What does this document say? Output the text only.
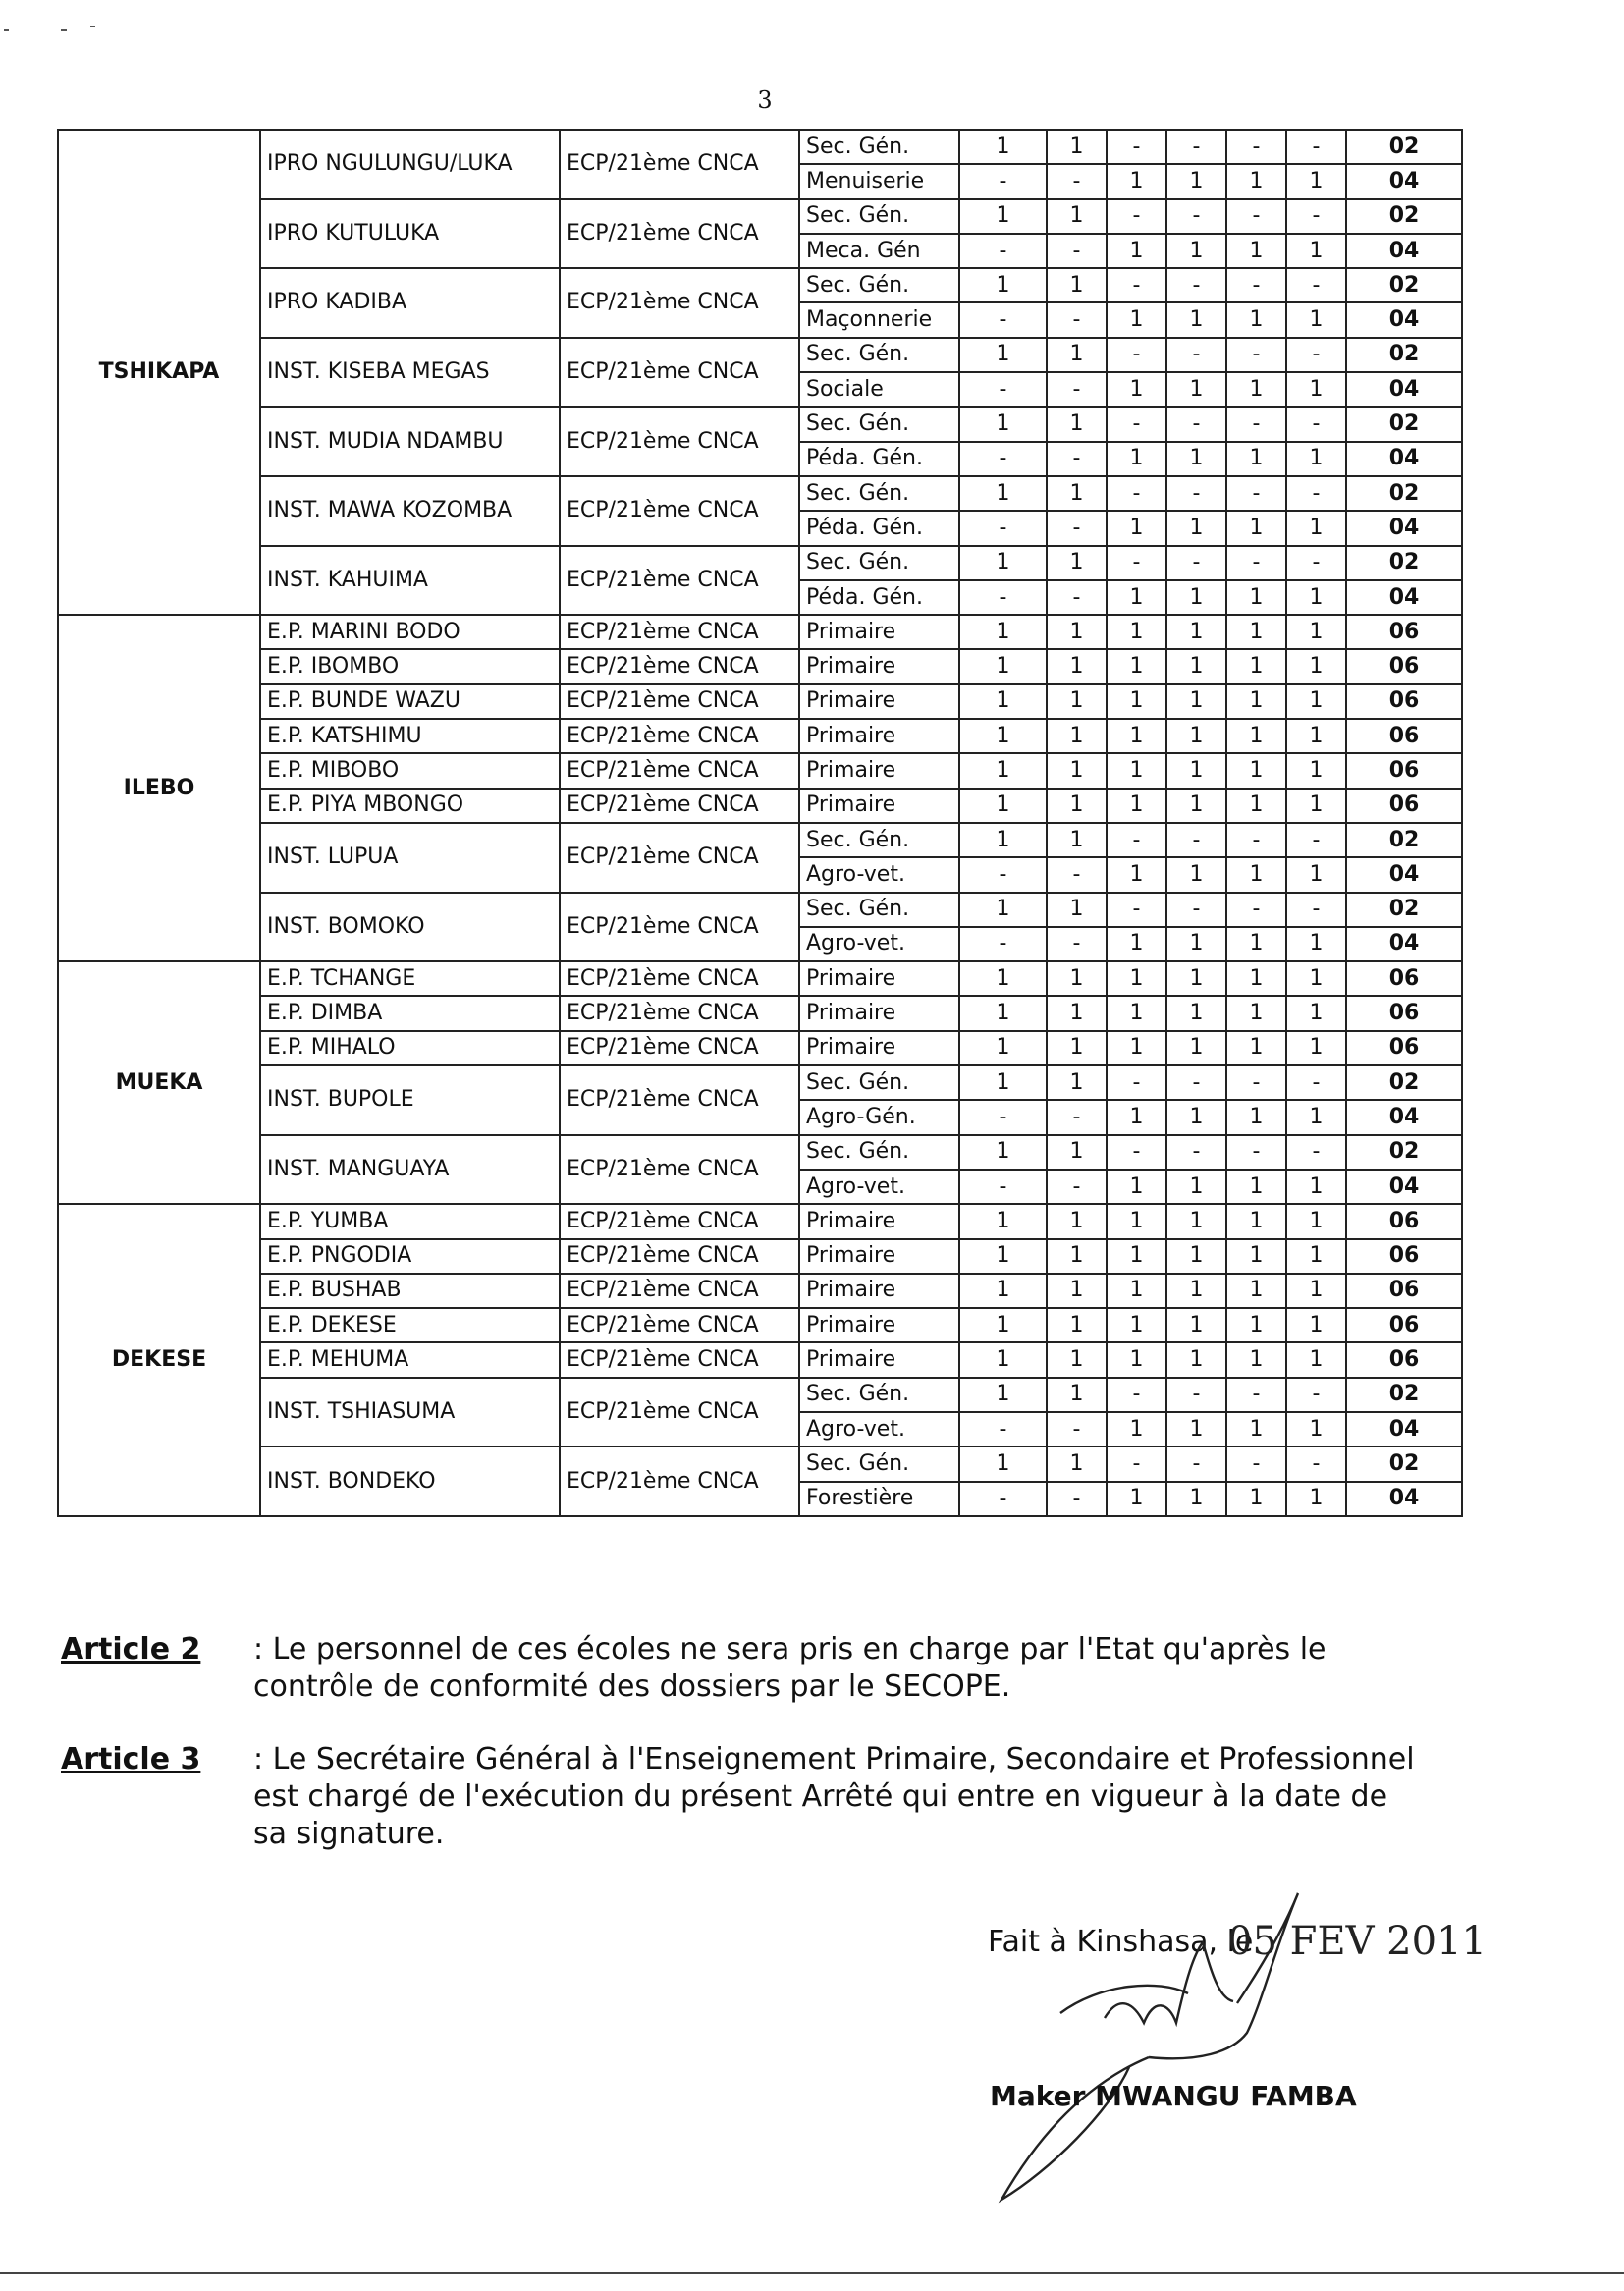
3
TSHIKAPA	IPRO NGULUNGU/LUKA	ECP/21ème CNCA	Sec. Gén.	1	1	-	-	-	-	02
			Menuiserie	-	-	1	1	1	1	04
	IPRO KUTULUKA	ECP/21ème CNCA	Sec. Gén.	1	1	-	-	-	-	02
			Meca. Gén	-	-	1	1	1	1	04
	IPRO KADIBA	ECP/21ème CNCA	Sec. Gén.	1	1	-	-	-	-	02
			Maçonnerie	-	-	1	1	1	1	04
	INST. KISEBA MEGAS	ECP/21ème CNCA	Sec. Gén.	1	1	-	-	-	-	02
			Sociale	-	-	1	1	1	1	04
	INST. MUDIA NDAMBU	ECP/21ème CNCA	Sec. Gén.	1	1	-	-	-	-	02
			Péda. Gén.	-	-	1	1	1	1	04
	INST. MAWA KOZOMBA	ECP/21ème CNCA	Sec. Gén.	1	1	-	-	-	-	02
			Péda. Gén.	-	-	1	1	1	1	04
	INST. KAHUIMA	ECP/21ème CNCA	Sec. Gén.	1	1	-	-	-	-	02
			Péda. Gén.	-	-	1	1	1	1	04
ILEBO	E.P. MARINI BODO	ECP/21ème CNCA	Primaire	1	1	1	1	1	1	06
	E.P. IBOMBO	ECP/21ème CNCA	Primaire	1	1	1	1	1	1	06
	E.P. BUNDE WAZU	ECP/21ème CNCA	Primaire	1	1	1	1	1	1	06
	E.P. KATSHIMU	ECP/21ème CNCA	Primaire	1	1	1	1	1	1	06
	E.P. MIBOBO	ECP/21ème CNCA	Primaire	1	1	1	1	1	1	06
	E.P. PIYA MBONGO	ECP/21ème CNCA	Primaire	1	1	1	1	1	1	06
	INST. LUPUA	ECP/21ème CNCA	Sec. Gén.	1	1	-	-	-	-	02
			Agro-vet.	-	-	1	1	1	1	04
	INST. BOMOKO	ECP/21ème CNCA	Sec. Gén.	1	1	-	-	-	-	02
			Agro-vet.	-	-	1	1	1	1	04
MUEKA	E.P. TCHANGE	ECP/21ème CNCA	Primaire	1	1	1	1	1	1	06
	E.P. DIMBA	ECP/21ème CNCA	Primaire	1	1	1	1	1	1	06
	E.P. MIHALO	ECP/21ème CNCA	Primaire	1	1	1	1	1	1	06
	INST. BUPOLE	ECP/21ème CNCA	Sec. Gén.	1	1	-	-	-	-	02
			Agro-Gén.	-	-	1	1	1	1	04
	INST. MANGUAYA	ECP/21ème CNCA	Sec. Gén.	1	1	-	-	-	-	02
			Agro-vet.	-	-	1	1	1	1	04
DEKESE	E.P. YUMBA	ECP/21ème CNCA	Primaire	1	1	1	1	1	1	06
	E.P. PNGODIA	ECP/21ème CNCA	Primaire	1	1	1	1	1	1	06
	E.P. BUSHAB	ECP/21ème CNCA	Primaire	1	1	1	1	1	1	06
	E.P. DEKESE	ECP/21ème CNCA	Primaire	1	1	1	1	1	1	06
	E.P. MEHUMA	ECP/21ème CNCA	Primaire	1	1	1	1	1	1	06
	INST. TSHIASUMA	ECP/21ème CNCA	Sec. Gén.	1	1	-	-	-	-	02
			Agro-vet.	-	-	1	1	1	1	04
	INST. BONDEKO	ECP/21ème CNCA	Sec. Gén.	1	1	-	-	-	-	02
			Forestière	-	-	1	1	1	1	04
Article 2 : Le personnel de ces écoles ne sera pris en charge par l'Etat qu'après le contrôle de conformité des dossiers par le SECOPE.
Article 3 : Le Secrétaire Général à l'Enseignement Primaire, Secondaire et Professionnel est chargé de l'exécution du présent Arrêté qui entre en vigueur à la date de sa signature.
Fait à Kinshasa, le
05 FEV 2011
Maker MWANGU FAMBA
